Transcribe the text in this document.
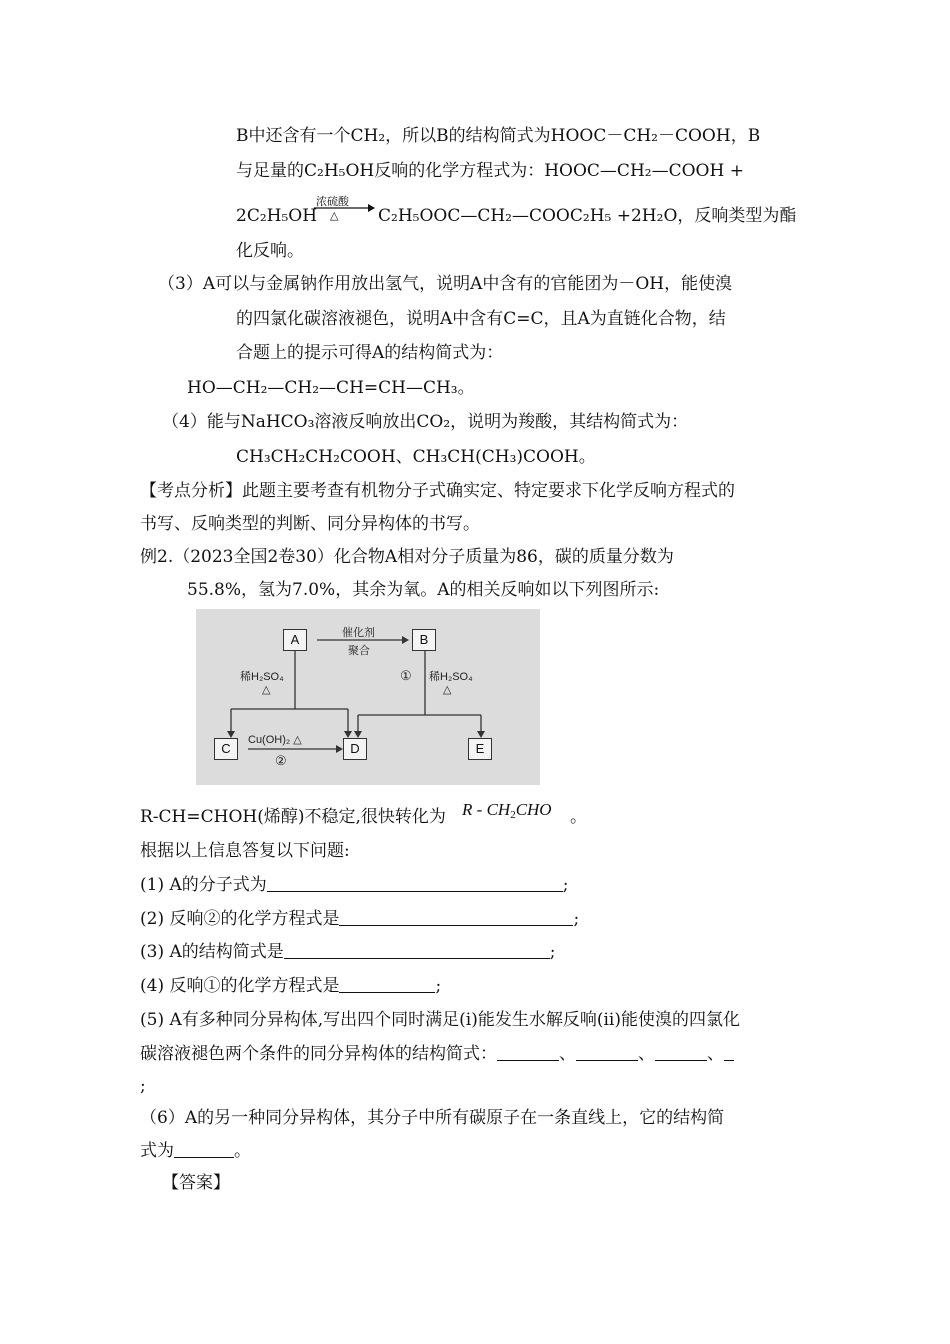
B中还含有一个CH₂，所以B的结构简式为HOOC－CH₂－COOH，B
与足量的C₂H₅OH反响的化学方程式为：HOOC—CH₂—COOH +
2C₂H₅OH
浓硫酸
△ C₂H₅OOC—CH₂—COOC₂H₅ +2H₂O，反响类型为酯
化反响。
（3）A可以与金属钠作用放出氢气，说明A中含有的官能团为－OH，能使溴
的四氯化碳溶液褪色，说明A中含有C=C，且A为直链化合物，结
合题上的提示可得A的结构简式为：
HO—CH₂—CH₂—CH=CH—CH₃。
（4）能与NaHCO₃溶液反响放出CO₂，说明为羧酸，其结构简式为：
CH₃CH₂CH₂COOH、CH₃CH(CH₃)COOH。
【考点分析】此题主要考查有机物分子式确实定、特定要求下化学反响方程式的
书写、反响类型的判断、同分异构体的书写。
例2.（2023全国2卷30）化合物A相对分子质量为86，碳的质量分数为
55.8%，氢为7.0%，其余为氧。A的相关反响如以下列图所示:
A	B
C	D	E
催化剂
聚合
稀H₂SO₄
△
① 稀H₂SO₄
△
Cu(OH)₂ △
②
R-CH=CHOH(烯醇)不稳定,很快转化为 R - $CH_2CHO$ 。
根据以上信息答复以下问题:
(1) A的分子式为	;
(2) 反响②的化学方程式是	;
(3) A的结构简式是	;
(4) 反响①的化学方程式是	;
(5) A有多种同分异构体,写出四个同时满足(i)能发生水解反响(ii)能使溴的四氯化
碳溶液褪色两个条件的同分异构体的结构简式：	、	、	、
;
（6）A的另一种同分异构体，其分子中所有碳原子在一条直线上，它的结构简
式为	。
【答案】
